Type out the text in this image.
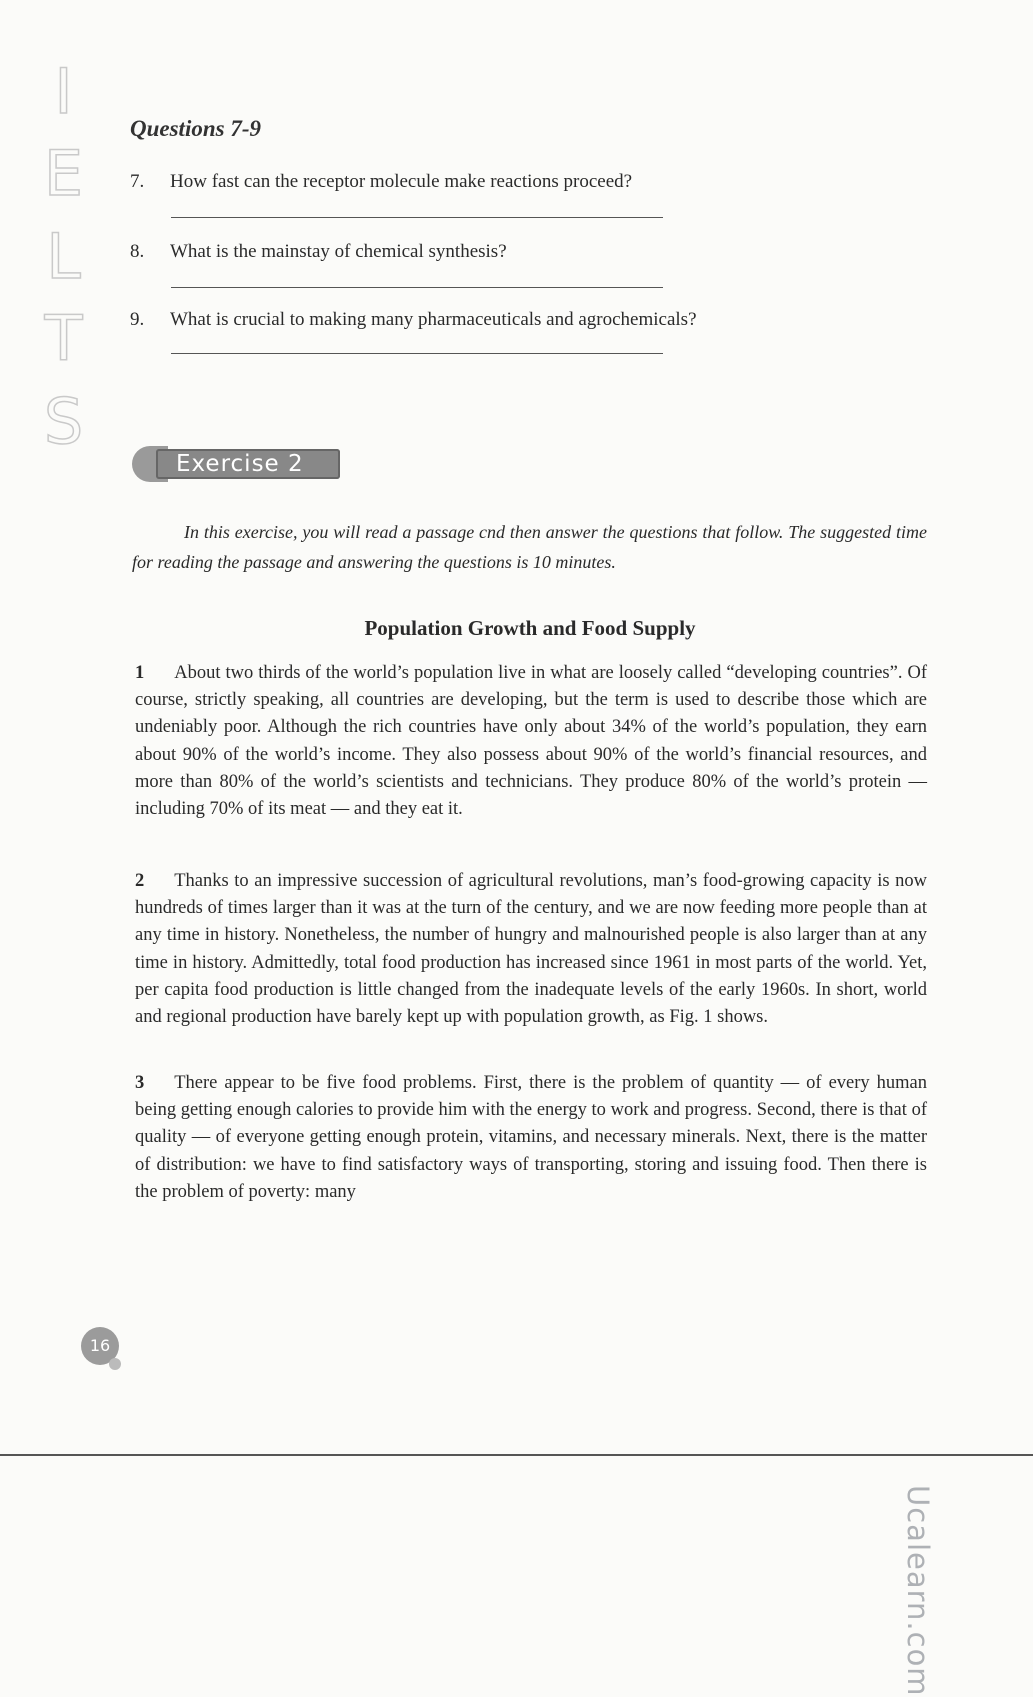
I
E
L
T
S
Questions 7-9
7. How fast can the receptor molecule make reactions proceed?
8. What is the mainstay of chemical synthesis?
9. What is crucial to making many pharmaceuticals and agrochemicals?
Exercise 2
In this exercise, you will read a passage cnd then answer the questions that follow. The suggested time for reading the passage and answering the questions is 10 minutes.
Population Growth and Food Supply
1 About two thirds of the world’s population live in what are loosely called “developing countries”. Of course, strictly speaking, all countries are developing, but the term is used to describe those which are undeniably poor. Although the rich countries have only about 34% of the world’s population, they earn about 90% of the world’s income. They also possess about 90% of the world’s financial resources, and more than 80% of the world’s scientists and technicians. They produce 80% of the world’s protein — including 70% of its meat — and they eat it.
2 Thanks to an impressive succession of agricultural revolutions, man’s food-growing capacity is now hundreds of times larger than it was at the turn of the century, and we are now feeding more people than at any time in history. Nonetheless, the number of hungry and malnourished people is also larger than at any time in history. Admittedly, total food production has increased since 1961 in most parts of the world. Yet, per capita food production is little changed from the inadequate levels of the early 1960s. In short, world and regional production have barely kept up with population growth, as Fig. 1 shows.
3 There appear to be five food problems. First, there is the problem of quantity — of every human being getting enough calories to provide him with the energy to work and progress. Second, there is that of quality — of everyone getting enough protein, vitamins, and necessary minerals. Next, there is the matter of distribution: we have to find satisfactory ways of transporting, storing and issuing food. Then there is the problem of poverty: many
16
Ucalearn.com
